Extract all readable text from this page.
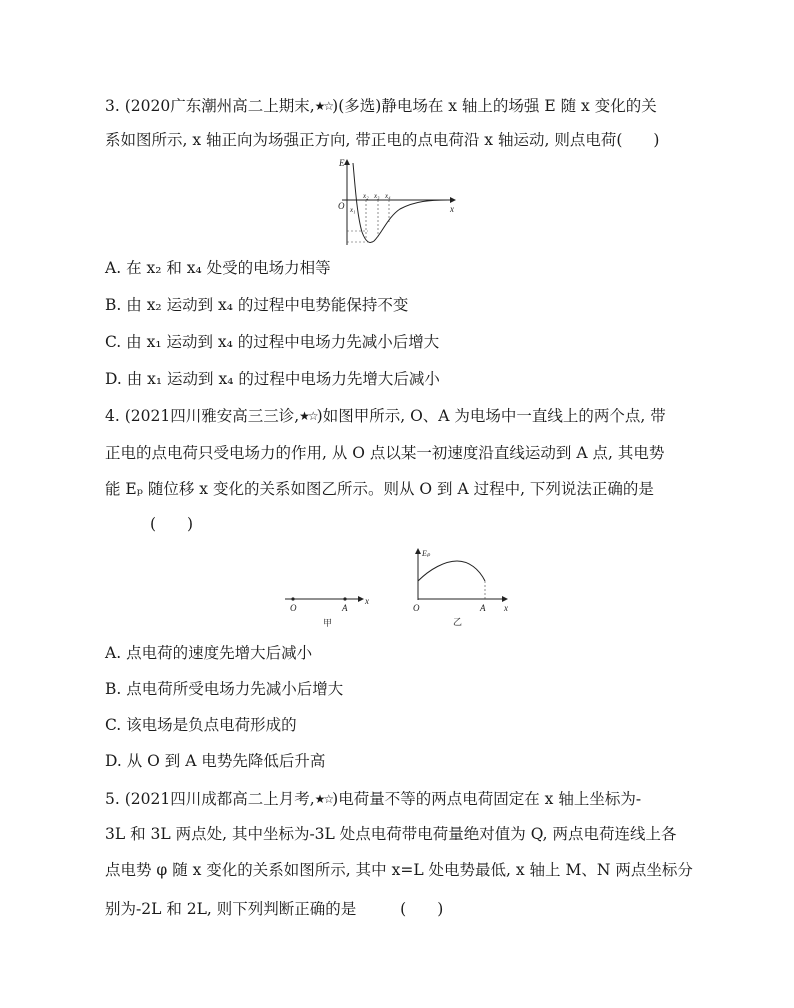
3. (2020广东潮州高二上期末,★☆)(多选)静电场在 x 轴上的场强 E 随 x 变化的关
系如图所示, x 轴正向为场强正方向, 带正电的点电荷沿 x 轴运动, 则点电荷(　　)
E
x
O x₁
x₂ x₃ x₄
A. 在 x₂ 和 x₄ 处受的电场力相等
B. 由 x₂ 运动到 x₄ 的过程中电势能保持不变
C. 由 x₁ 运动到 x₄ 的过程中电场力先减小后增大
D. 由 x₁ 运动到 x₄ 的过程中电场力先增大后减小
4. (2021四川雅安高三三诊,★☆)如图甲所示, O、A 为电场中一直线上的两个点, 带
正电的点电荷只受电场力的作用, 从 O 点以某一初速度沿直线运动到 A 点, 其电势
能 Eₚ 随位移 x 变化的关系如图乙所示。则从 O 到 A 过程中, 下列说法正确的是
(　　)
O	A
x
甲
Eₚ
O	A x
乙
A. 点电荷的速度先增大后减小
B. 点电荷所受电场力先减小后增大
C. 该电场是负点电荷形成的
D. 从 O 到 A 电势先降低后升高
5. (2021四川成都高二上月考,★☆)电荷量不等的两点电荷固定在 x 轴上坐标为-
3L 和 3L 两点处, 其中坐标为-3L 处点电荷带电荷量绝对值为 Q, 两点电荷连线上各
点电势 φ 随 x 变化的关系如图所示, 其中 x=L 处电势最低, x 轴上 M、N 两点坐标分
别为-2L 和 2L, 则下列判断正确的是	(　　)
